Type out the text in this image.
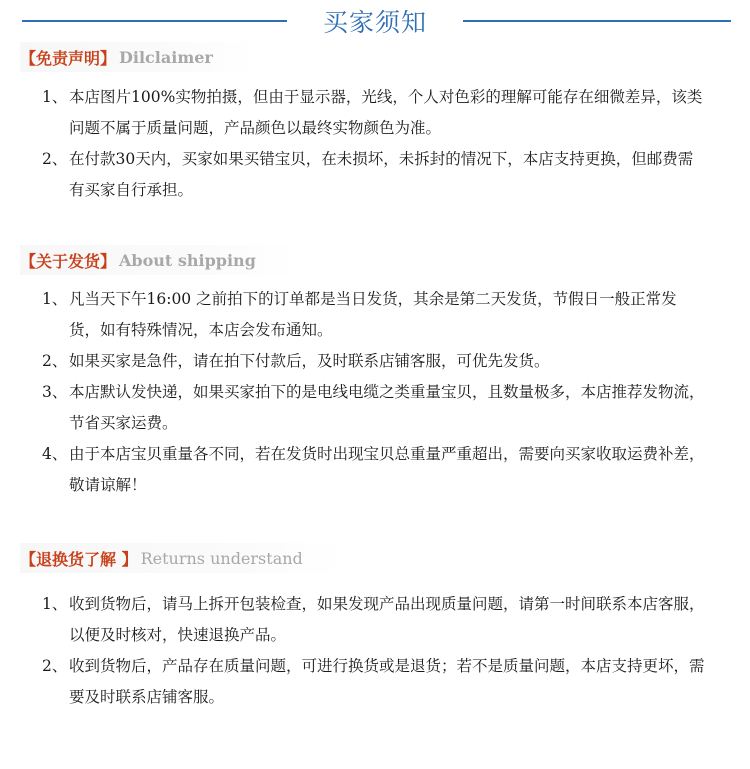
买家须知
【免责声明】 Dilclaimer
1、 本店图片100%实物拍摄，但由于显示器，光线，个人对色彩的理解可能存在细微差异，该类问题不属于质量问题，产品颜色以最终实物颜色为准。
2、 在付款30天内，买家如果买错宝贝，在未损坏，未拆封的情况下，本店支持更换，但邮费需有买家自行承担。
【关于发货】 About shipping
1、 凡当天下午16:00 之前拍下的订单都是当日发货，其余是第二天发货，节假日一般正常发货，如有特殊情况，本店会发布通知。
2、 如果买家是急件，请在拍下付款后，及时联系店铺客服，可优先发货。
3、 本店默认发快递，如果买家拍下的是电线电缆之类重量宝贝，且数量极多，本店推荐发物流，节省买家运费。
4、 由于本店宝贝重量各不同，若在发货时出现宝贝总重量严重超出，需要向买家收取运费补差，敬请谅解！
【退换货了解 】 Returns understand
1、 收到货物后，请马上拆开包装检查，如果发现产品出现质量问题，请第一时间联系本店客服，以便及时核对，快速退换产品。
2、 收到货物后，产品存在质量问题，可进行换货或是退货；若不是质量问题，本店支持更坏，需要及时联系店铺客服。
